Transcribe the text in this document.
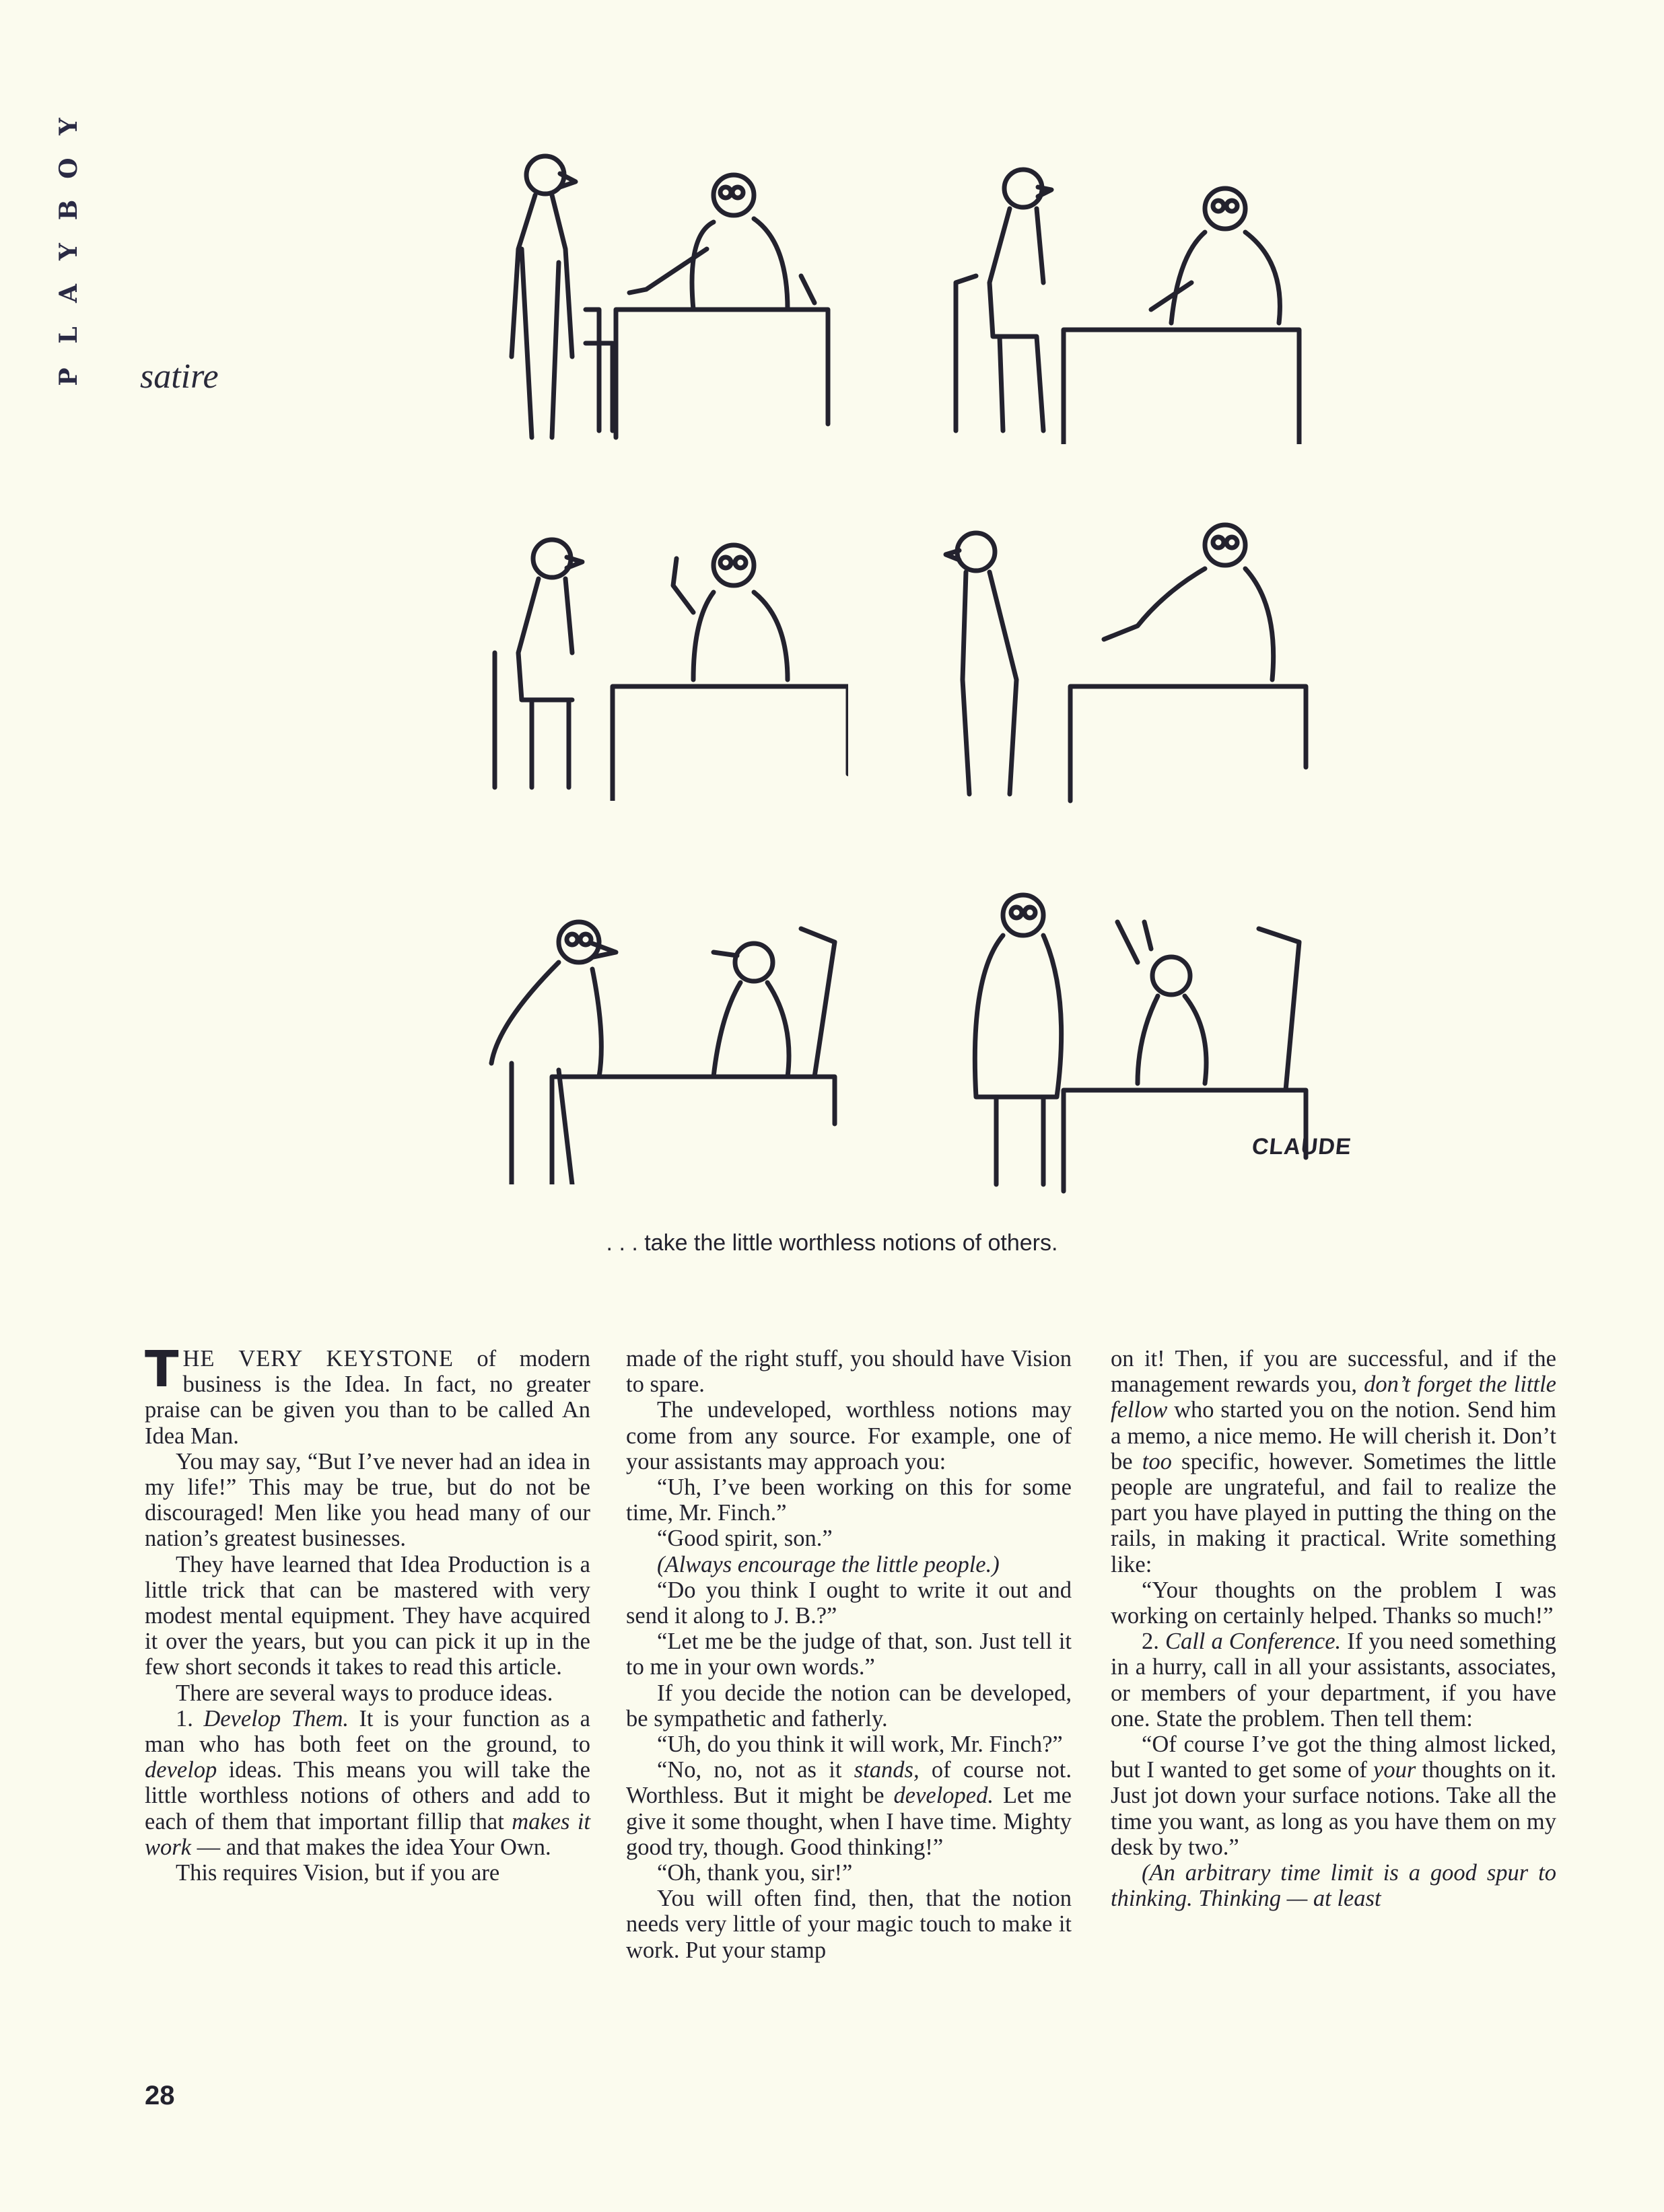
Y
O
B
Y
A
L
P satire
CLAUDE
. . . take the little worthless notions of others.

THE VERY KEYSTONE of modern business is the Idea. In fact, no greater praise can be given you than to be called An Idea Man.

You may say, “But I’ve never had an idea in my life!” This may be true, but do not be discouraged! Men like you head many of our nation’s greatest businesses.

They have learned that Idea Production is a little trick that can be mastered with very modest mental equipment. They have acquired it over the years, but you can pick it up in the few short seconds it takes to read this article.

There are several ways to produce ideas.

1. Develop Them. It is your function as a man who has both feet on the ground, to develop ideas. This means you will take the little worthless notions of others and add to each of them that important fillip that makes it work — and that makes the idea Your Own.

This requires Vision, but if you are

made of the right stuff, you should have Vision to spare.

The undeveloped, worthless notions may come from any source. For example, one of your assistants may approach you:

“Uh, I’ve been working on this for some time, Mr. Finch.”

“Good spirit, son.”

(Always encourage the little people.)

“Do you think I ought to write it out and send it along to J. B.?”

“Let me be the judge of that, son. Just tell it to me in your own words.”

If you decide the notion can be developed, be sympathetic and fatherly.

“Uh, do you think it will work, Mr. Finch?”

“No, no, not as it stands, of course not. Worthless. But it might be developed. Let me give it some thought, when I have time. Mighty good try, though. Good thinking!”

“Oh, thank you, sir!”

You will often find, then, that the notion needs very little of your magic touch to make it work. Put your stamp

on it! Then, if you are successful, and if the management rewards you, don’t forget the little fellow who started you on the notion. Send him a memo, a nice memo. He will cherish it. Don’t be too specific, however. Sometimes the little people are ungrateful, and fail to realize the part you have played in putting the thing on the rails, in making it practical. Write something like:

“Your thoughts on the problem I was working on certainly helped. Thanks so much!”

2. Call a Conference. If you need something in a hurry, call in all your assistants, associates, or members of your department, if you have one. State the problem. Then tell them:

“Of course I’ve got the thing almost licked, but I wanted to get some of your thoughts on it. Just jot down your surface notions. Take all the time you want, as long as you have them on my desk by two.”

(An arbitrary time limit is a good spur to thinking. Thinking — at least

28
